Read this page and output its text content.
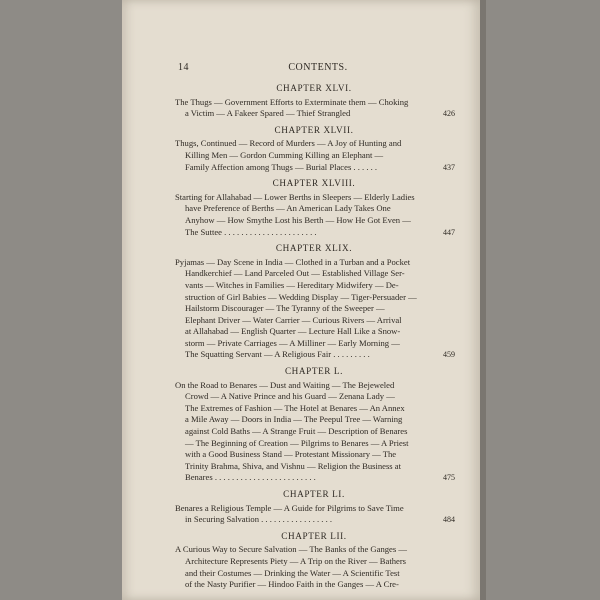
14	CONTENTS.
CHAPTER XLVI.
The Thugs — Government Efforts to Exterminate them — Choking
a Victim — A Fakeer Spared — Thief Strangled	426
CHAPTER XLVII.
Thugs, Continued — Record of Murders — A Joy of Hunting and
Killing Men — Gordon Cumming Killing an Elephant —
Family Affection among Thugs — Burial Places . . . . . .	437
CHAPTER XLVIII.
Starting for Allahabad — Lower Berths in Sleepers — Elderly Ladies
have Preference of Berths — An American Lady Takes One
Anyhow — How Smythe Lost his Berth — How He Got Even —
The Suttee . . . . . . . . . . . . . . . . . . . . . .	447
CHAPTER XLIX.
Pyjamas — Day Scene in India — Clothed in a Turban and a Pocket
Handkerchief — Land Parceled Out — Established Village Ser-
vants — Witches in Families — Hereditary Midwifery — De-
struction of Girl Babies — Wedding Display — Tiger-Persuader —
Hailstorm Discourager — The Tyranny of the Sweeper —
Elephant Driver — Water Carrier — Curious Rivers — Arrival
at Allahabad — English Quarter — Lecture Hall Like a Snow-
storm — Private Carriages — A Milliner — Early Morning —
The Squatting Servant — A Religious Fair . . . . . . . . .	459
CHAPTER L.
On the Road to Benares — Dust and Waiting — The Bejeweled
Crowd — A Native Prince and his Guard — Zenana Lady —
The Extremes of Fashion — The Hotel at Benares — An Annex
a Mile Away — Doors in India — The Peepul Tree — Warning
against Cold Baths — A Strange Fruit — Description of Benares
— The Beginning of Creation — Pilgrims to Benares — A Priest
with a Good Business Stand — Protestant Missionary — The
Trinity Brahma, Shiva, and Vishnu — Religion the Business at
Benares . . . . . . . . . . . . . . . . . . . . . . . .	475
CHAPTER LI.
Benares a Religious Temple — A Guide for Pilgrims to Save Time
in Securing Salvation . . . . . . . . . . . . . . . . .	484
CHAPTER LII.
A Curious Way to Secure Salvation — The Banks of the Ganges —
Architecture Represents Piety — A Trip on the River — Bathers
and their Costumes — Drinking the Water — A Scientific Test
of the Nasty Purifier — Hindoo Faith in the Ganges — A Cre-
